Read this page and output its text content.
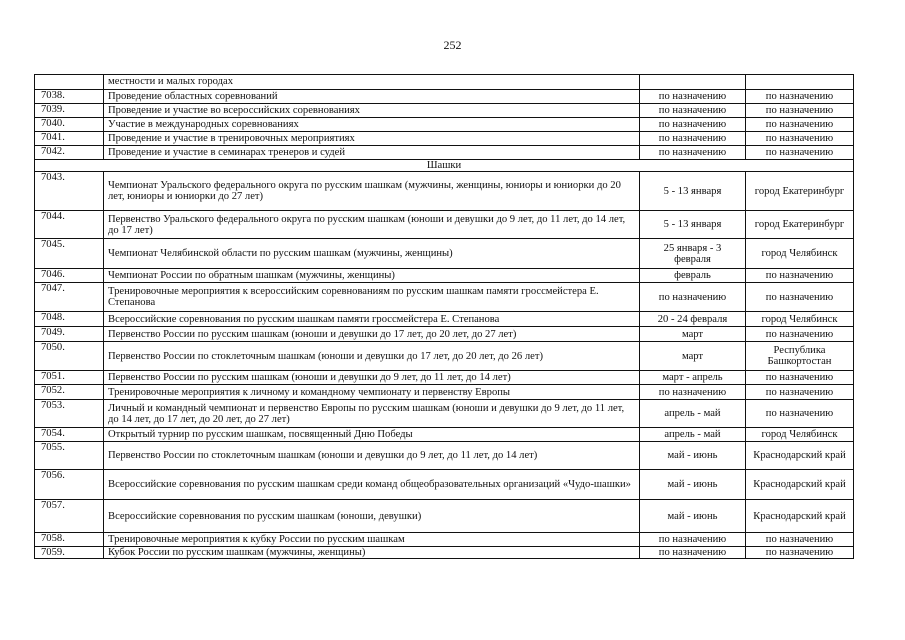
252
	местности и малых городах		
7038.	Проведение областных соревнований	по назначению	по назначению
7039.	Проведение и участие во всероссийских соревнованиях	по назначению	по назначению
7040.	Участие в международных соревнованиях	по назначению	по назначению
7041.	Проведение и участие в тренировочных мероприятиях	по назначению	по назначению
7042.	Проведение и участие в семинарах тренеров и судей	по назначению	по назначению
Шашки			
7043.	Чемпионат Уральского федерального округа по русским шашкам (мужчины, женщины, юниоры и юниорки до 20 лет, юниоры и юниорки до 27 лет)	5 - 13 января	город Екатеринбург
7044.	Первенство Уральского федерального округа по русским шашкам (юноши и девушки до 9 лет, до 11 лет, до 14 лет, до 17 лет)	5 - 13 января	город Екатеринбург
7045.	Чемпионат Челябинской области по русским шашкам (мужчины, женщины)	25 января - 3 февраля	город Челябинск
7046.	Чемпионат России по обратным шашкам (мужчины, женщины)	февраль	по назначению
7047.	Тренировочные мероприятия к всероссийским соревнованиям по русским шашкам памяти гроссмейстера Е. Степанова	по назначению	по назначению
7048.	Всероссийские соревнования по русским шашкам памяти гроссмейстера Е. Степанова	20 - 24 февраля	город Челябинск
7049.	Первенство России по русским шашкам (юноши и девушки до 17 лет, до 20 лет, до 27 лет)	март	по назначению
7050.	Первенство России по стоклеточным шашкам (юноши и девушки до 17 лет, до 20 лет, до 26 лет)	март	Республика Башкортостан
7051.	Первенство России по русским шашкам (юноши и девушки до 9 лет, до 11 лет, до 14 лет)	март - апрель	по назначению
7052.	Тренировочные мероприятия к личному и командному чемпионату и первенству Европы	по назначению	по назначению
7053.	Личный и командный чемпионат и первенство Европы по русским шашкам (юноши и девушки до 9 лет, до 11 лет, до 14 лет, до 17 лет, до 20 лет, до 27 лет)	апрель - май	по назначению
7054.	Открытый турнир по русским шашкам, посвященный Дню Победы	апрель - май	город Челябинск
7055.	Первенство России по стоклеточным шашкам (юноши и девушки до 9 лет, до 11 лет, до 14 лет)	май - июнь	Краснодарский край
7056.	Всероссийские соревнования по русским шашкам среди команд общеобразовательных организаций «Чудо-шашки»	май - июнь	Краснодарский край
7057.	Всероссийские соревнования по русским шашкам (юноши, девушки)	май - июнь	Краснодарский край
7058.	Тренировочные мероприятия к кубку России по русским шашкам	по назначению	по назначению
7059.	Кубок России по русским шашкам (мужчины, женщины)	по назначению	по назначению
